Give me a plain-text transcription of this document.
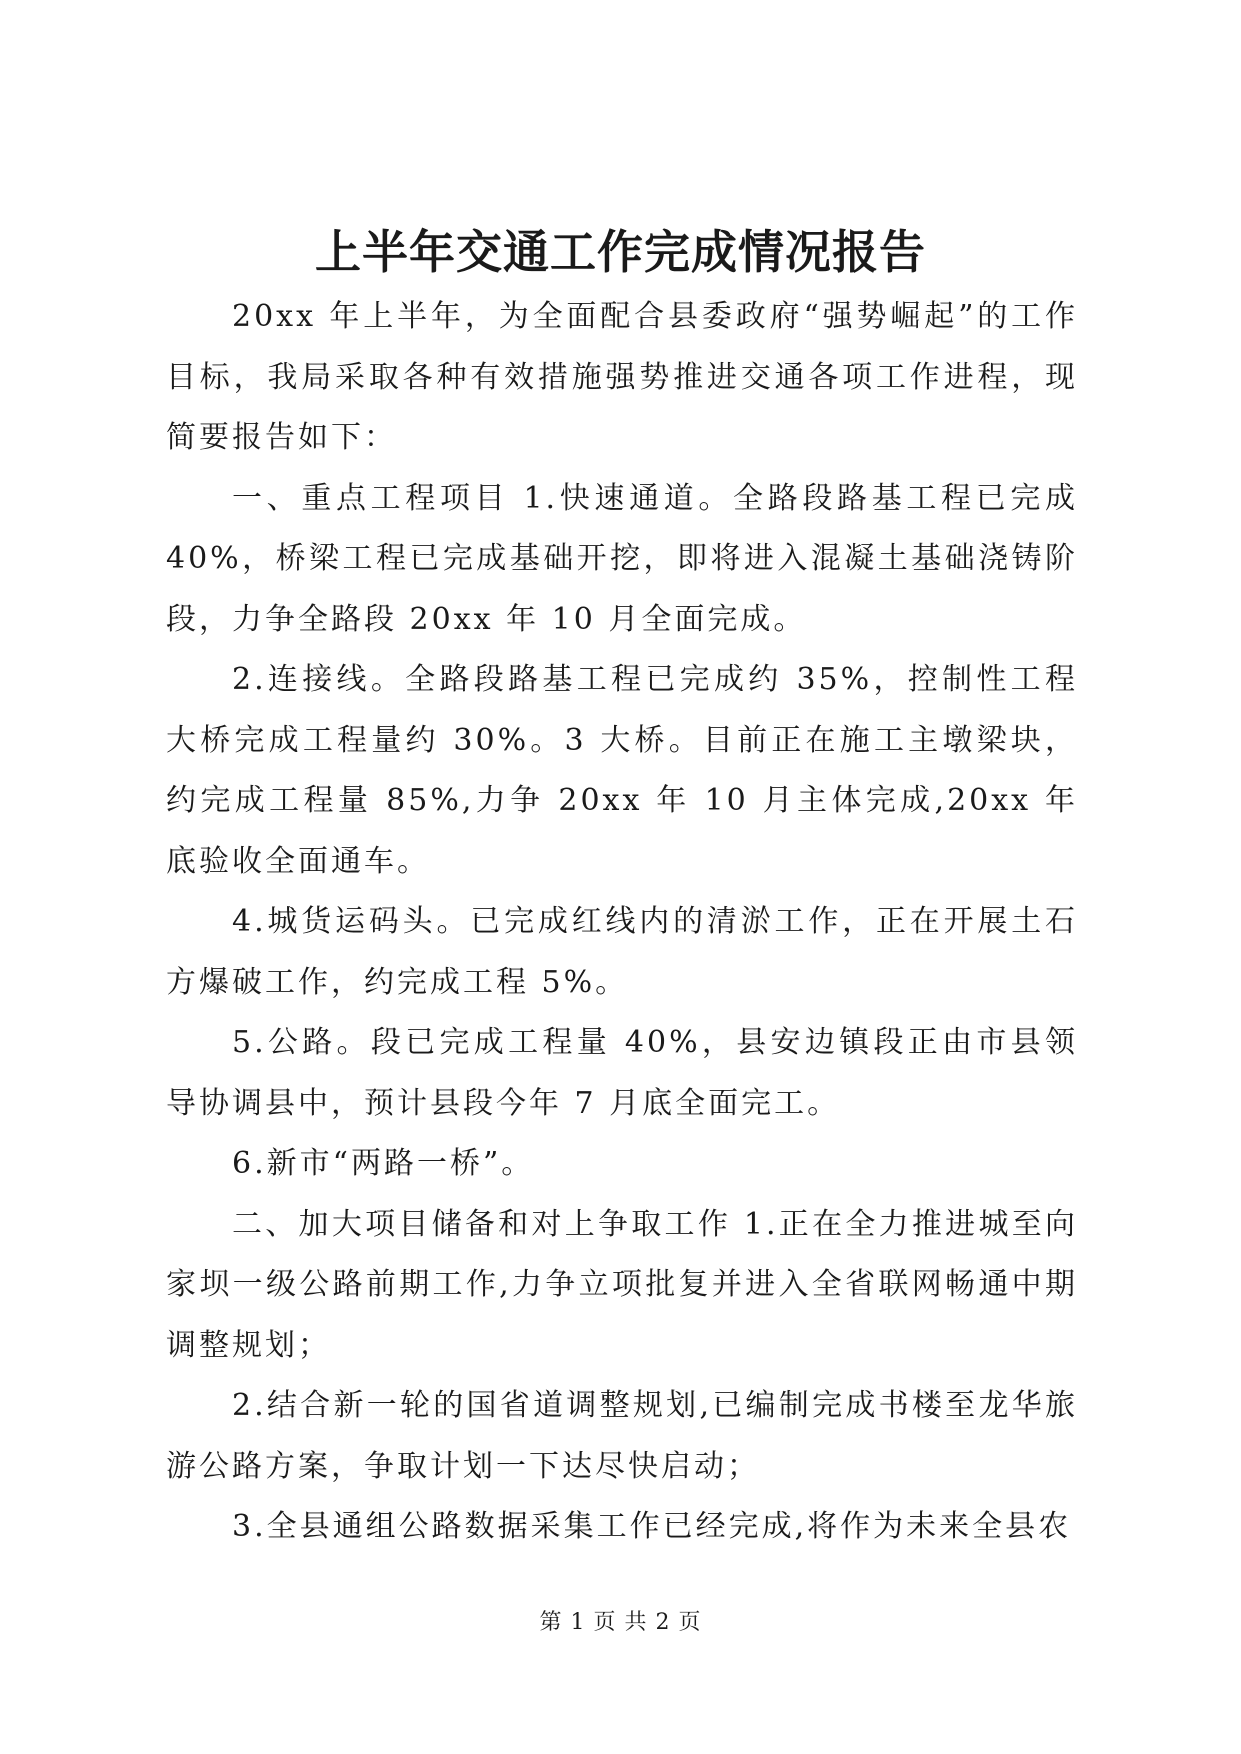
上半年交通工作完成情况报告

20xx 年上半年，为全面配合县委政府“强势崛起”的工作目标，我局采取各种有效措施强势推进交通各项工作进程，现简要报告如下：

一、重点工程项目 1.快速通道。全路段路基工程已完成 40%，桥梁工程已完成基础开挖，即将进入混凝土基础浇铸阶段，力争全路段 20xx 年 10 月全面完成。

2.连接线。全路段路基工程已完成约 35%，控制性工程大桥完成工程量约 30%。3 大桥。目前正在施工主墩梁块，约完成工程量 85%,力争 20xx 年 10 月主体完成,20xx 年底验收全面通车。

4.城货运码头。已完成红线内的清淤工作，正在开展土石方爆破工作，约完成工程 5%。

5.公路。段已完成工程量 40%，县安边镇段正由市县领导协调县中，预计县段今年 7 月底全面完工。

6.新市“两路一桥”。

二、加大项目储备和对上争取工作 1.正在全力推进城至向家坝一级公路前期工作,力争立项批复并进入全省联网畅通中期调整规划；

2.结合新一轮的国省道调整规划,已编制完成书楼至龙华旅游公路方案，争取计划一下达尽快启动；

3.全县通组公路数据采集工作已经完成,将作为未来全县农

第 1 页 共 2 页
